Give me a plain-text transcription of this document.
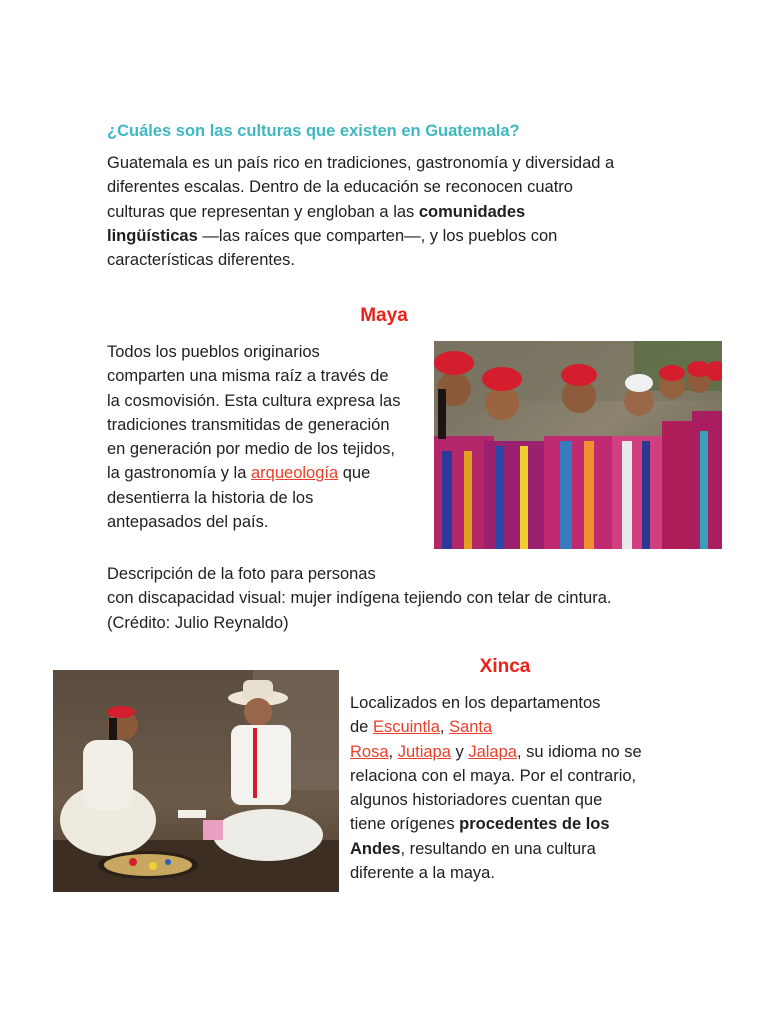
¿Cuáles son las culturas que existen en Guatemala?
Guatemala es un país rico en tradiciones, gastronomía y diversidad a
diferentes escalas. Dentro de la educación se reconocen cuatro
culturas que representan y engloban a las comunidades
lingüísticas —las raíces que comparten—, y los pueblos con
características diferentes.
Maya
Todos los pueblos originarios
comparten una misma raíz a través de
la cosmovisión. Esta cultura expresa las
tradiciones transmitidas de generación
en generación por medio de los tejidos,
la gastronomía y la arqueología que
desentierra la historia de los
antepasados del país.
Descripción de la foto para personas
con discapacidad visual: mujer indígena tejiendo con telar de cintura.
(Crédito: Julio Reynaldo)
Xinca
Localizados en los departamentos
de Escuintla, Santa
Rosa, Jutiapa y Jalapa, su idioma no se
relaciona con el maya. Por el contrario,
algunos historiadores cuentan que
tiene orígenes procedentes de los
Andes, resultando en una cultura
diferente a la maya.
